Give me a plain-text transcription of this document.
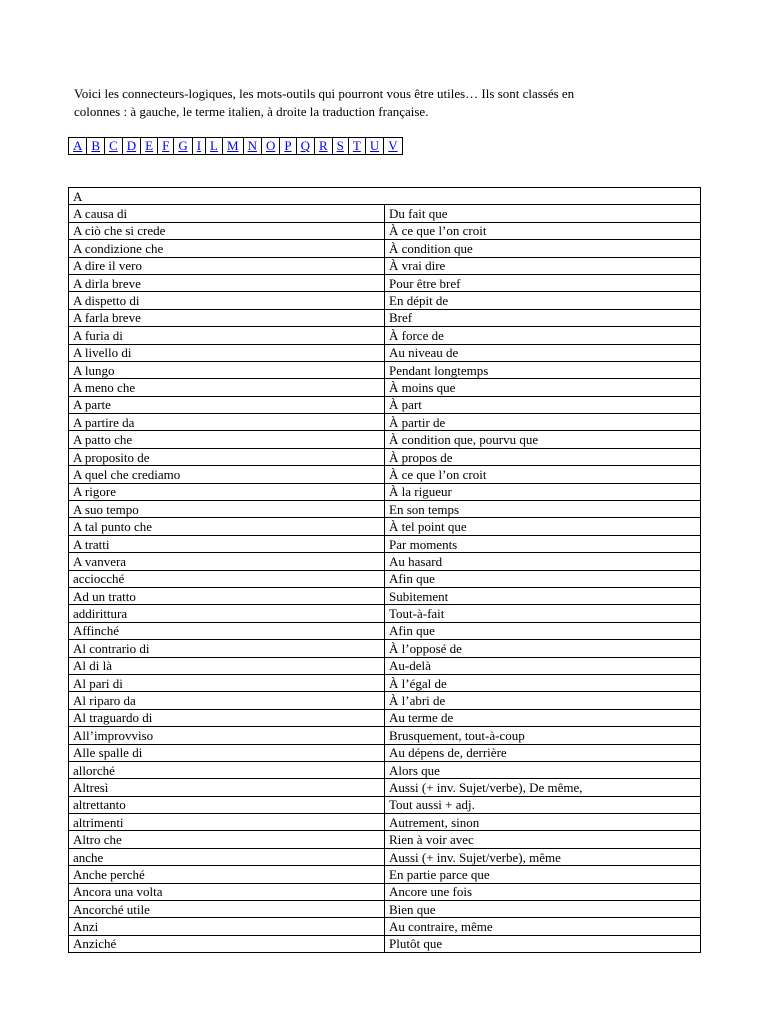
Voici les connecteurs-logiques, les mots-outils qui pourront vous être utiles… Ils sont classés en
colonnes : à gauche, le terme italien, à droite la traduction française.
A	B	C	D	E	F	G	I	L	M	N	O	P	Q	R	S	T	U	V
A	
A causa di	Du fait que
A ciò che si crede	À ce que l’on croit
A condizione che	À condition que
A dire il vero	À vrai dire
A dirla breve	Pour être bref
A dispetto di	En dépit de
A farla breve	Bref
A furia di	À force de
A livello di	Au niveau de
A lungo	Pendant longtemps
A meno che	À moins que
A parte	À part
A partire da	À partir de
A patto che	À condition que, pourvu que
A proposito de	À propos de
A quel che crediamo	À ce que l’on croit
A rigore	À la rigueur
A suo tempo	En son temps
A tal punto che	À tel point que
A tratti	Par moments
A vanvera	Au hasard
acciocché	Afin que
Ad un tratto	Subitement
addirittura	Tout-à-fait
Affinché	Afin que
Al contrario di	À l’opposé de
Al di là	Au-delà
Al pari di	À l’égal de
Al riparo da	À l’abri de
Al traguardo di	Au terme de
All’improvviso	Brusquement, tout-à-coup
Alle spalle di	Au dépens de, derrière
allorché	Alors que
Altresì	Aussi (+ inv. Sujet/verbe), De même,
altrettanto	Tout aussi + adj.
altrimenti	Autrement, sinon
Altro che	Rien à voir avec
anche	Aussi (+ inv. Sujet/verbe), même
Anche perché	En partie parce que
Ancora una volta	Ancore une fois
Ancorché utile	Bien que
Anzi	Au contraire, même
Anziché	Plutôt que
